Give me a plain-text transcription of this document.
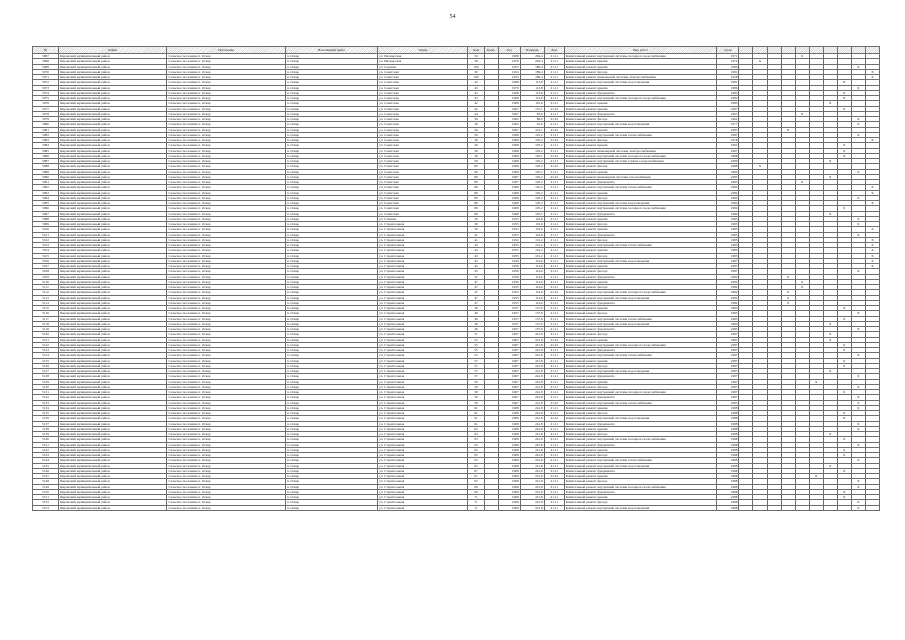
54
№	Район	Поселение	Населённый пункт	Улица	Дом	Корп.	Год	Площадь	Код	Вид работ	Срок										
5067	Кировский муниципальный район	Сельское поселение п. Оскар	п. Оскар	ул. Пионерская	54		1968	264,4	21.11	Капитальный ремонт внутренней системы холодного водоснабжения	1971					X					
5068	Кировский муниципальный район	Сельское поселение п. Оскар	п. Оскар	ул. Пионерская	58		1970	264,4	21.11	Капитальный ремонт крыши	1974		X								
5069	Кировский муниципальный район	Сельское поселение п. Оскар	п. Оскар	ул. Садовая	100		1955	189,4	21.11	Капитальный ремонт крыши	1980									X	
5070	Кировский муниципальный район	Сельское поселение п. Оскар	п. Оскар	ул. Советская	30		1954	189,4	21.11	Капитальный ремонт фасада	1981										X
5071	Кировский муниципальный район	Сельское поселение п. Оскар	п. Оскар	ул. Советская	100		1955	189,4	21.11	Капитальный ремонт инженерной системы электроснабжения	1958										X
5072	Кировский муниципальный район	Сельское поселение п. Оскар	п. Оскар	ул. Советская	42		1968	113,8	21.11	Капитальный ремонт внутренней системы водоотведения	1981								X		
5073	Кировский муниципальный район	Сельское поселение п. Оскар	п. Оскар	ул. Советская	43		1970	113,8	21.11	Капитальный ремонт крыши	1986									X	
5074	Кировский муниципальный район	Сельское поселение п. Оскар	п. Оскар	ул. Советская	43		1968	113,8	21.11	Капитальный ремонт фундамента	1983								X		
5075	Кировский муниципальный район	Сельское поселение п. Оскар	п. Оскар	ул. Советская	43		1968	113,8	21.11	Капитальный ремонт внутренней системы холодного водоснабжения	1982								X		
5076	Кировский муниципальный район	Сельское поселение п. Оскар	п. Оскар	ул. Советская	42		1968	110,6	21.11	Капитальный ремонт крыши	1985							X			
5077	Кировский муниципальный район	Сельское поселение п. Оскар	п. Оскар	ул. Советская	42		1967	157,1	21.22	Капитальный ремонт крыши	1987								X		
5078	Кировский муниципальный район	Сельское поселение п. Оскар	п. Оскар	ул. Советская	44		1967	85,0	21.11	Капитальный ремонт фундамента	1967					X					
5079	Кировский муниципальный район	Сельское поселение п. Оскар	п. Оскар	ул. Советская	56		1962	86,0	21.22	Капитальный ремонт фасада	1962									X	
5080	Кировский муниципальный район	Сельское поселение п. Оскар	п. Оскар	ул. Советская	56		1962	91,0	21.11	Капитальный ремонт внутренней системы водоотведения	1977									X	
5081	Кировский муниципальный район	Сельское поселение п. Оскар	п. Оскар	ул. Советская	56		1967	101,1	21.22	Капитальный ремонт крыши	1987				X						
5082	Кировский муниципальный район	Сельское поселение п. Оскар	п. Оскар	ул. Советская	56		1968	101,2	21.11	Капитальный ремонт внутренней системы теплоснабжения	1987									X	
5083	Кировский муниципальный район	Сельское поселение п. Оскар	п. Оскар	ул. Советская	56		1968	105,2	21.22	Капитальный ремонт фасада	1978										X
5084	Кировский муниципальный район	Сельское поселение п. Оскар	п. Оскар	ул. Советская	56		1968	105,2	21.11	Капитальный ремонт крыши	1992								X		
5085	Кировский муниципальный район	Сельское поселение п. Оскар	п. Оскар	ул. Советская	56		1968	105,2	21.11	Капитальный ремонт инженерной системы электроснабжения	1987								X		
5086	Кировский муниципальный район	Сельское поселение п. Оскар	п. Оскар	ул. Советская	56		1968	105,1	21.22	Капитальный ремонт внутренней системы холодного водоснабжения	1988								X		
5087	Кировский муниципальный район	Сельское поселение п. Оскар	п. Оскар	ул. Советская	56		1968	105,2	21.11	Капитальный ремонт внутренней системы горячего водоснабжения	1990							X			
5088	Кировский муниципальный район	Сельское поселение п. Оскар	п. Оскар	ул. Советская	80		1968	105,2	21.22	Капитальный ремонт фасада	1988		X								
5089	Кировский муниципальный район	Сельское поселение п. Оскар	п. Оскар	ул. Советская	80		1968	105,2	21.11	Капитальный ремонт крыши	1984									X	
5090	Кировский муниципальный район	Сельское поселение п. Оскар	п. Оскар	ул. Советская	80		1967	105,2	21.22	Капитальный ремонт инженерной системы газоснабжения	1985							X			
5091	Кировский муниципальный район	Сельское поселение п. Оскар	п. Оскар	ул. Советская	80		1967	105,2	21.11	Капитальный ремонт фундамента	1985					X					
5092	Кировский муниципальный район	Сельское поселение п. Оскар	п. Оскар	ул. Советская	80		1968	105,2	21.11	Капитальный ремонт внутренней системы теплоснабжения	1984										X
5093	Кировский муниципальный район	Сельское поселение п. Оскар	п. Оскар	ул. Советская	80		1968	105,2	21.11	Капитальный ремонт крыши	1984										X
5094	Кировский муниципальный район	Сельское поселение п. Оскар	п. Оскар	ул. Советская	80		1968	105,2	21.11	Капитальный ремонт фасада	1984									X	
5095	Кировский муниципальный район	Сельское поселение п. Оскар	п. Оскар	ул. Советская	80		1968	105,2	21.11	Капитальный ремонт внутренней системы водоотведения	1984										X
5096	Кировский муниципальный район	Сельское поселение п. Оскар	п. Оскар	ул. Советская	80		1968	105,2	21.11	Капитальный ремонт внутренней системы холодного водоснабжения	1984								X		
5097	Кировский муниципальный район	Сельское поселение п. Оскар	п. Оскар	ул. Советская	80		1968	105,2	21.11	Капитальный ремонт фундамента	1984							X			
5098	Кировский муниципальный район	Сельское поселение п. Оскар	п. Оскар	ул. Степная	30		1955	119,6	21.11	Капитальный ремонт крыши	1983									X	
5099	Кировский муниципальный район	Сельское поселение п. Оскар	п. Оскар	ул. Строительная	30		1955	119,6	21.11	Капитальный ремонт фасада	1983									X	
5100	Кировский муниципальный район	Сельское поселение п. Оскар	п. Оскар	ул. Строительная	39		1955	119,6	21.11	Капитальный ремонт крыши	1985										X
5101	Кировский муниципальный район	Сельское поселение п. Оскар	п. Оскар	ул. Строительная	41		1955	119,6	21.11	Капитальный ремонт фундамента	1985									X	
5102	Кировский муниципальный район	Сельское поселение п. Оскар	п. Оскар	ул. Строительная	41		1952	101,2	21.11	Капитальный ремонт фасада	1985										X
5103	Кировский муниципальный район	Сельское поселение п. Оскар	п. Оскар	ул. Строительная	43		1955	101,2	21.11	Капитальный ремонт внутренней системы теплоснабжения	1985										X
5104	Кировский муниципальный район	Сельское поселение п. Оскар	п. Оскар	ул. Строительная	43		1955	101,2	21.11	Капитальный ремонт крыши	1985										X
5105	Кировский муниципальный район	Сельское поселение п. Оскар	п. Оскар	ул. Строительная	43		1955	101,2	21.11	Капитальный ремонт фасада	1985										X
5106	Кировский муниципальный район	Сельское поселение п. Оскар	п. Оскар	ул. Строительная	45		1956	114,6	21.11	Капитальный ремонт внутренней системы водоотведения	1987										X
5107	Кировский муниципальный район	Сельское поселение п. Оскар	п. Оскар	ул. Строительная	45		1956	114,6	21.11	Капитальный ремонт крыши	1987										X
5108	Кировский муниципальный район	Сельское поселение п. Оскар	п. Оскар	ул. Строительная	45		1956	114,6	21.11	Капитальный ремонт фасада	1987									X	
5109	Кировский муниципальный район	Сельское поселение п. Оскар	п. Оскар	ул. Строительная	47		1956	114,6	21.11	Капитальный ремонт фундамента	1982				X						
5110	Кировский муниципальный район	Сельское поселение п. Оскар	п. Оскар	ул. Строительная	47		1956	114,6	21.11	Капитальный ремонт крыши	1982					X					
5111	Кировский муниципальный район	Сельское поселение п. Оскар	п. Оскар	ул. Строительная	47		1955	114,6	21.11	Капитальный ремонт фасада	1982					X					
5112	Кировский муниципальный район	Сельское поселение п. Оскар	п. Оскар	ул. Строительная	47		1955	114,6	21.22	Капитальный ремонт внутренней системы холодного водоснабжения	1982				X						
5113	Кировский муниципальный район	Сельское поселение п. Оскар	п. Оскар	ул. Строительная	47		1955	114,6	21.11	Капитальный ремонт внутренней системы водоотведения	1982				X						
5114	Кировский муниципальный район	Сельское поселение п. Оскар	п. Оскар	ул. Строительная	47		1955	114,6	21.11	Капитальный ремонт фундамента	1982				X						
5115	Кировский муниципальный район	Сельское поселение п. Оскар	п. Оскар	ул. Строительная	49		1957	157,9	21.11	Капитальный ремонт крыши	1983								X		
5116	Кировский муниципальный район	Сельское поселение п. Оскар	п. Оскар	ул. Строительная	49		1957	157,9	21.11	Капитальный ремонт фасада	1983									X	
5117	Кировский муниципальный район	Сельское поселение п. Оскар	п. Оскар	ул. Строительная	49		1957	157,9	21.11	Капитальный ремонт внутренней системы теплоснабжения	1983								X		
5118	Кировский муниципальный район	Сельское поселение п. Оскар	п. Оскар	ул. Строительная	49		1957	157,9	21.11	Капитальный ремонт внутренней системы водоотведения	1983							X			
5119	Кировский муниципальный район	Сельское поселение п. Оскар	п. Оскар	ул. Строительная	49		1957	157,9	21.11	Капитальный ремонт фундамента	1983									X	
5120	Кировский муниципальный район	Сельское поселение п. Оскар	п. Оскар	ул. Строительная	51		1967	241,8	21.11	Капитальный ремонт фасада	1987							X			
5121	Кировский муниципальный район	Сельское поселение п. Оскар	п. Оскар	ул. Строительная	53		1967	241,8	21.22	Капитальный ремонт крыши	1987							X			
5122	Кировский муниципальный район	Сельское поселение п. Оскар	п. Оскар	ул. Строительная	55		1967	241,8	21.22	Капитальный ремонт внутренней системы холодного водоснабжения	1987								X		
5123	Кировский муниципальный район	Сельское поселение п. Оскар	п. Оскар	ул. Строительная	55		1967	241,8	21.11	Капитальный ремонт фундамента	1987								X		
5124	Кировский муниципальный район	Сельское поселение п. Оскар	п. Оскар	ул. Строительная	55		1967	241,8	21.11	Капитальный ремонт внутренней системы теплоснабжения	1987									X	
5125	Кировский муниципальный район	Сельское поселение п. Оскар	п. Оскар	ул. Строительная	57		1967	241,8	21.11	Капитальный ремонт крыши	1987								X		
5126	Кировский муниципальный район	Сельское поселение п. Оскар	п. Оскар	ул. Строительная	57		1967	241,8	21.11	Капитальный ремонт фасада	1987								X		
5127	Кировский муниципальный район	Сельское поселение п. Оскар	п. Оскар	ул. Строительная	57		1967	241,8	21.11	Капитальный ремонт внутренней системы водоотведения	1987							X			
5128	Кировский муниципальный район	Сельское поселение п. Оскар	п. Оскар	ул. Строительная	57		1967	241,8	21.11	Капитальный ремонт фундамента	1987									X	
5129	Кировский муниципальный район	Сельское поселение п. Оскар	п. Оскар	ул. Строительная	59		1967	241,8	21.11	Капитальный ремонт крыши	1987						X				
5130	Кировский муниципальный район	Сельское поселение п. Оскар	п. Оскар	ул. Строительная	59		1967	241,8	21.11	Капитальный ремонт фасада	1987									X	
5131	Кировский муниципальный район	Сельское поселение п. Оскар	п. Оскар	ул. Строительная	59		1967	241,8	21.11	Капитальный ремонт внутренней системы холодного водоснабжения	1987								X		
5132	Кировский муниципальный район	Сельское поселение п. Оскар	п. Оскар	ул. Строительная	59		1967	241,8	21.11	Капитальный ремонт фундамента	1987									X	
5133	Кировский муниципальный район	Сельское поселение п. Оскар	п. Оскар	ул. Строительная	59		1967	241,8	21.22	Капитальный ремонт внутренней системы теплоснабжения	1987									X	
5134	Кировский муниципальный район	Сельское поселение п. Оскар	п. Оскар	ул. Строительная	61		1968	241,8	21.11	Капитальный ремонт крыши	1988									X	
5135	Кировский муниципальный район	Сельское поселение п. Оскар	п. Оскар	ул. Строительная	61		1968	241,8	21.11	Капитальный ремонт фасада	1988								X		
5136	Кировский муниципальный район	Сельское поселение п. Оскар	п. Оскар	ул. Строительная	61		1968	241,8	21.22	Капитальный ремонт внутренней системы водоотведения	1988								X		
5137	Кировский муниципальный район	Сельское поселение п. Оскар	п. Оскар	ул. Строительная	61		1968	241,8	21.11	Капитальный ремонт фундамента	1988									X	
5138	Кировский муниципальный район	Сельское поселение п. Оскар	п. Оскар	ул. Строительная	63		1968	241,8	21.11	Капитальный ремонт крыши	1988									X	
5139	Кировский муниципальный район	Сельское поселение п. Оскар	п. Оскар	ул. Строительная	63		1968	241,8	21.11	Капитальный ремонт фасада	1988							X			
5140	Кировский муниципальный район	Сельское поселение п. Оскар	п. Оскар	ул. Строительная	63		1968	241,8	21.11	Капитальный ремонт внутренней системы холодного водоснабжения	1988								X		
5141	Кировский муниципальный район	Сельское поселение п. Оскар	п. Оскар	ул. Строительная	63		1968	241,8	21.11	Капитальный ремонт фундамента	1988									X	
5142	Кировский муниципальный район	Сельское поселение п. Оскар	п. Оскар	ул. Строительная	65		1968	241,8	21.11	Капитальный ремонт крыши	1988								X		
5143	Кировский муниципальный район	Сельское поселение п. Оскар	п. Оскар	ул. Строительная	65		1968	241,8	21.11	Капитальный ремонт фасада	1988								X		
5144	Кировский муниципальный район	Сельское поселение п. Оскар	п. Оскар	ул. Строительная	65		1968	241,8	21.11	Капитальный ремонт внутренней системы теплоснабжения	1988									X	
5145	Кировский муниципальный район	Сельское поселение п. Оскар	п. Оскар	ул. Строительная	65		1968	241,8	21.11	Капитальный ремонт внутренней системы водоотведения	1988							X			
5146	Кировский муниципальный район	Сельское поселение п. Оскар	п. Оскар	ул. Строительная	67		1968	241,8	21.11	Капитальный ремонт фундамента	1988								X		
5147	Кировский муниципальный район	Сельское поселение п. Оскар	п. Оскар	ул. Строительная	67		1968	241,8	21.22	Капитальный ремонт крыши	1988						X				
5148	Кировский муниципальный район	Сельское поселение п. Оскар	п. Оскар	ул. Строительная	67		1968	241,8	21.11	Капитальный ремонт фасада	1988									X	
5149	Кировский муниципальный район	Сельское поселение п. Оскар	п. Оскар	ул. Строительная	69		1968	241,8	21.11	Капитальный ремонт внутренней системы холодного водоснабжения	1988									X	
5150	Кировский муниципальный район	Сельское поселение п. Оскар	п. Оскар	ул. Строительная	69		1968	241,8	21.11	Капитальный ремонт фундамента	1988								X		
5151	Кировский муниципальный район	Сельское поселение п. Оскар	п. Оскар	ул. Строительная	71		1968	241,8	21.11	Капитальный ремонт крыши	1988								X		
5152	Кировский муниципальный район	Сельское поселение п. Оскар	п. Оскар	ул. Строительная	71		1968	241,8	21.11	Капитальный ремонт фасада	1988									X	
5153	Кировский муниципальный район	Сельское поселение п. Оскар	п. Оскар	ул. Строительная	71		1968	241,8	21.11	Капитальный ремонт внутренней системы водоотведения	1988									X	
